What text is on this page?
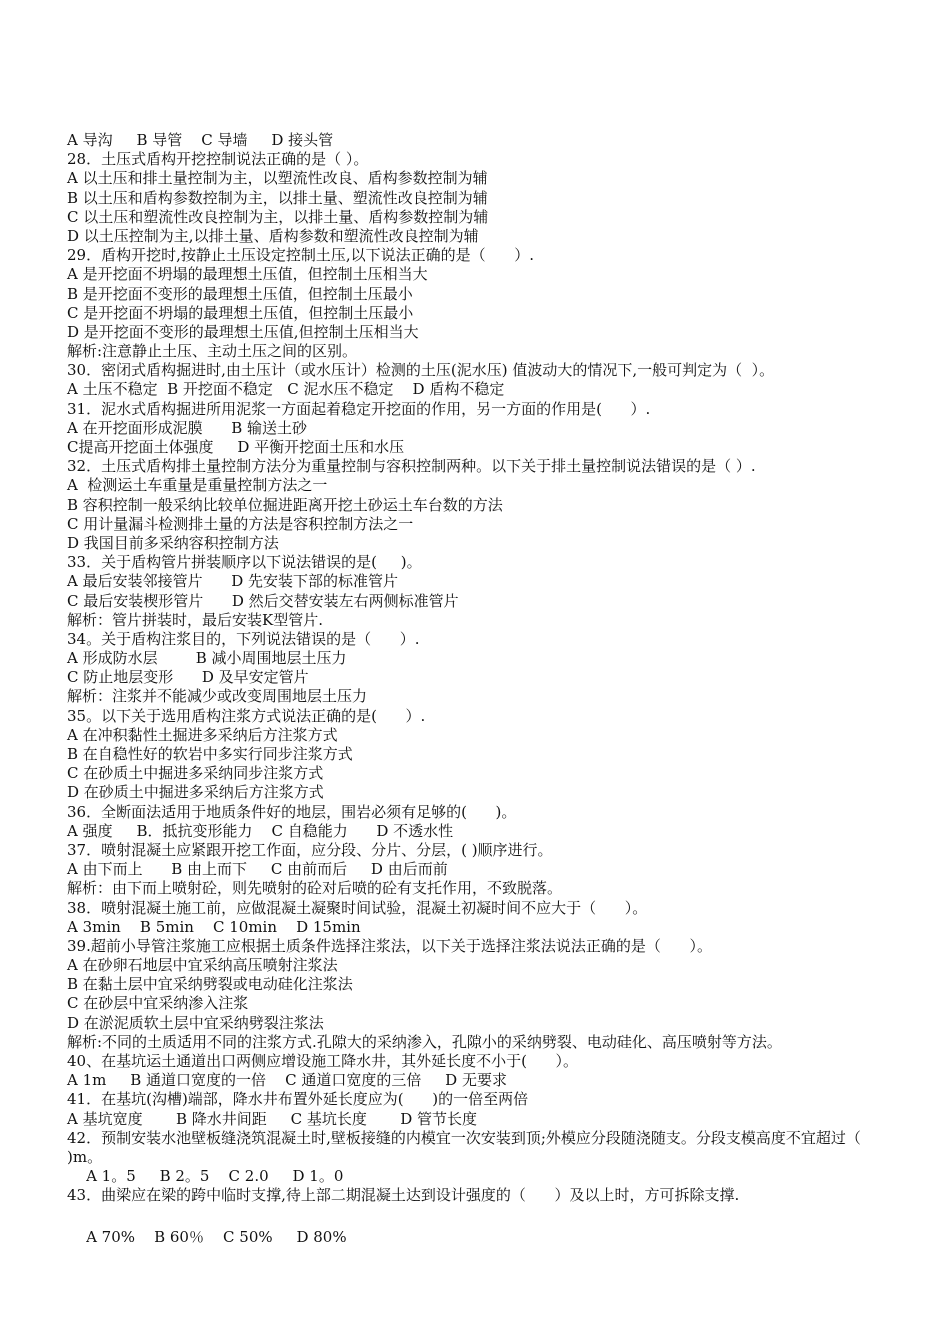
A 导沟     B 导管    C 导墙     D 接头管
28．土压式盾构开挖控制说法正确的是（ ）。
A 以土压和排土量控制为主，以塑流性改良、盾构参数控制为辅
B 以土压和盾构参数控制为主，以排土量、塑流性改良控制为辅
C 以土压和塑流性改良控制为主，以排土量、盾构参数控制为辅
D 以土压控制为主,以排土量、盾构参数和塑流性改良控制为辅
29．盾构开挖时,按静止土压设定控制土压,以下说法正确的是（      ）.
A 是开挖面不坍塌的最理想土压值，但控制土压相当大
B 是开挖面不变形的最理想土压值，但控制土压最小
C 是开挖面不坍塌的最理想土压值，但控制土压最小
D 是开挖面不变形的最理想土压值,但控制土压相当大
解析:注意静止土压、主动土压之间的区别。
30．密闭式盾构掘进时,由土压计（或水压计）检测的土压(泥水压) 值波动大的情况下,一般可判定为（  ）。
A 土压不稳定  B 开挖面不稳定   C 泥水压不稳定    D 盾构不稳定
31．泥水式盾构掘进所用泥浆一方面起着稳定开挖面的作用，另一方面的作用是(      ）.
A 在开挖面形成泥膜      B 输送土砂
C提高开挖面土体强度     D 平衡开挖面土压和水压
32．土压式盾构排土量控制方法分为重量控制与容积控制两种。以下关于排土量控制说法错误的是（ ）.
A  检测运土车重量是重量控制方法之一
B 容积控制一般采纳比较单位掘进距离开挖土砂运土车台数的方法
C 用计量漏斗检测排土量的方法是容积控制方法之一
D 我国目前多采纳容积控制方法
33．关于盾构管片拼装顺序以下说法错误的是(     )。
A 最后安装邻接管片      D 先安装下部的标准管片
C 最后安装楔形管片      D 然后交替安装左右两侧标准管片
解析：管片拼装时，最后安装K型管片.
34。关于盾构注浆目的，下列说法错误的是（      ）.
A 形成防水层        B 减小周围地层土压力
C 防止地层变形      D 及早安定管片
解析：注浆并不能减少或改变周围地层土压力
35。以下关于选用盾构注浆方式说法正确的是(      ）.
A 在冲积黏性土掘进多采纳后方注浆方式
B 在自稳性好的软岩中多实行同步注浆方式
C 在砂质土中掘进多采纳同步注浆方式
D 在砂质土中掘进多采纳后方注浆方式
36．全断面法适用于地质条件好的地层，围岩必须有足够的(      )。
A 强度     B．抵抗变形能力    C 自稳能力      D 不透水性
37．喷射混凝土应紧跟开挖工作面，应分段、分片、分层，( )顺序进行。
A 由下而上      B 由上而下     C 由前而后     D 由后而前
解析：由下而上喷射砼，则先喷射的砼对后喷的砼有支托作用，不致脱落。
38．喷射混凝土施工前，应做混凝土凝聚时间试验，混凝土初凝时间不应大于（      ）。
A 3min    B 5min    C 10min    D 15min
39.超前小导管注浆施工应根据土质条件选择注浆法，以下关于选择注浆法说法正确的是（      ）。
A 在砂卵石地层中宜采纳高压喷射注浆法
B 在黏土层中宜采纳劈裂或电动硅化注浆法
C 在砂层中宜采纳渗入注浆
D 在淤泥质软土层中宜采纳劈裂注浆法
解析:不同的土质适用不同的注浆方式.孔隙大的采纳渗入，孔隙小的采纳劈裂、电动硅化、高压喷射等方法。
40、在基坑运土通道出口两侧应增设施工降水井，其外延长度不小于(      ）。
A 1m     B 通道口宽度的一倍    C 通道口宽度的三倍     D 无要求
41．在基坑(沟槽)端部，降水井布置外延长度应为(      )的一倍至两倍
A 基坑宽度       B 降水井间距     C 基坑长度       D 管节长度
42．预制安装水池壁板缝浇筑混凝土时,壁板接缝的内模宜一次安装到顶;外模应分段随浇随支。分段支模高度不宜超过（      )m。
A 1。5     B 2。5    C 2.0     D 1。0
43．曲梁应在梁的跨中临时支撑,待上部二期混凝土达到设计强度的（      ）及以上时，方可拆除支撑.
A 70%    B 60％    C 50%     D 80%
